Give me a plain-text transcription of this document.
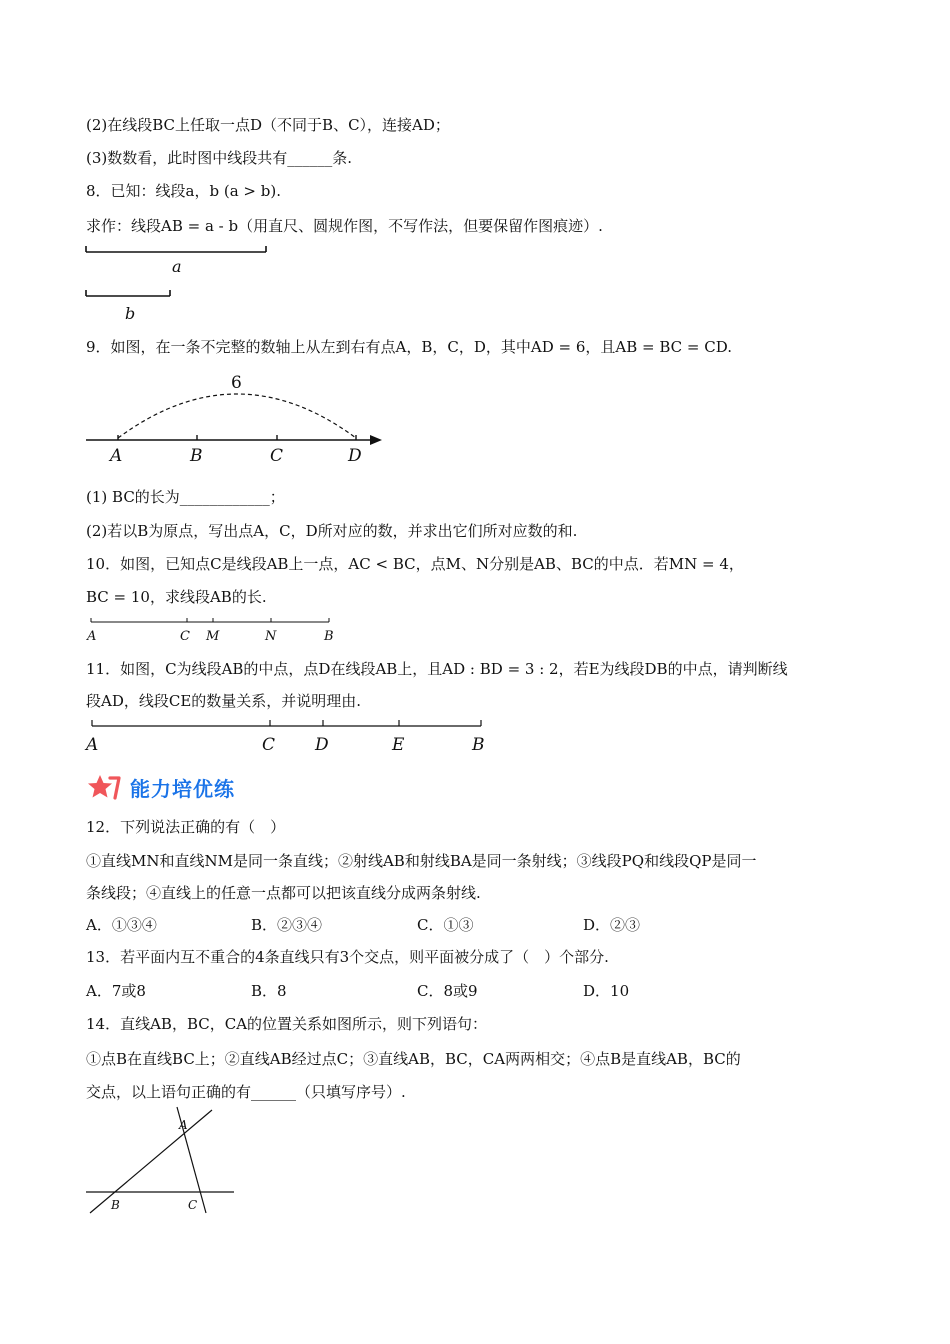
(2)在线段BC上任取一点D（不同于B、C），连接AD；
(3)数数看，此时图中线段共有______条.
8．已知：线段a，b (a > b).
求作：线段AB = a - b（用直尺、圆规作图，不写作法，但要保留作图痕迹）.
a
b
9．如图，在一条不完整的数轴上从左到右有点A，B，C，D，其中AD = 6，且AB = BC = CD.
6
A	B	C	D
(1) BC的长为____________；
(2)若以B为原点，写出点A，C，D所对应的数，并求出它们所对应数的和.
10．如图，已知点C是线段AB上一点，AC < BC，点M、N分别是AB、BC的中点．若MN = 4，
BC = 10，求线段AB的长.
A	C M	N	B
11．如图，C为线段AB的中点，点D在线段AB上，且AD : BD = 3 : 2，若E为线段DB的中点，请判断线
段AD，线段CE的数量关系，并说明理由.
A	C D	E	B
能力培优练
12．下列说法正确的有（　）
①直线MN和直线NM是同一条直线；②射线AB和射线BA是同一条射线；③线段PQ和线段QP是同一
条线段；④直线上的任意一点都可以把该直线分成两条射线.
A．①③④	B．②③④	C．①③	D．②③
13．若平面内互不重合的4条直线只有3个交点，则平面被分成了（　）个部分.
A．7或8	B．8	C．8或9	D．10
14．直线AB，BC，CA的位置关系如图所示，则下列语句：
①点B在直线BC上；②直线AB经过点C；③直线AB，BC，CA两两相交；④点B是直线AB，BC的
交点，以上语句正确的有______（只填写序号）.
A
B	C
